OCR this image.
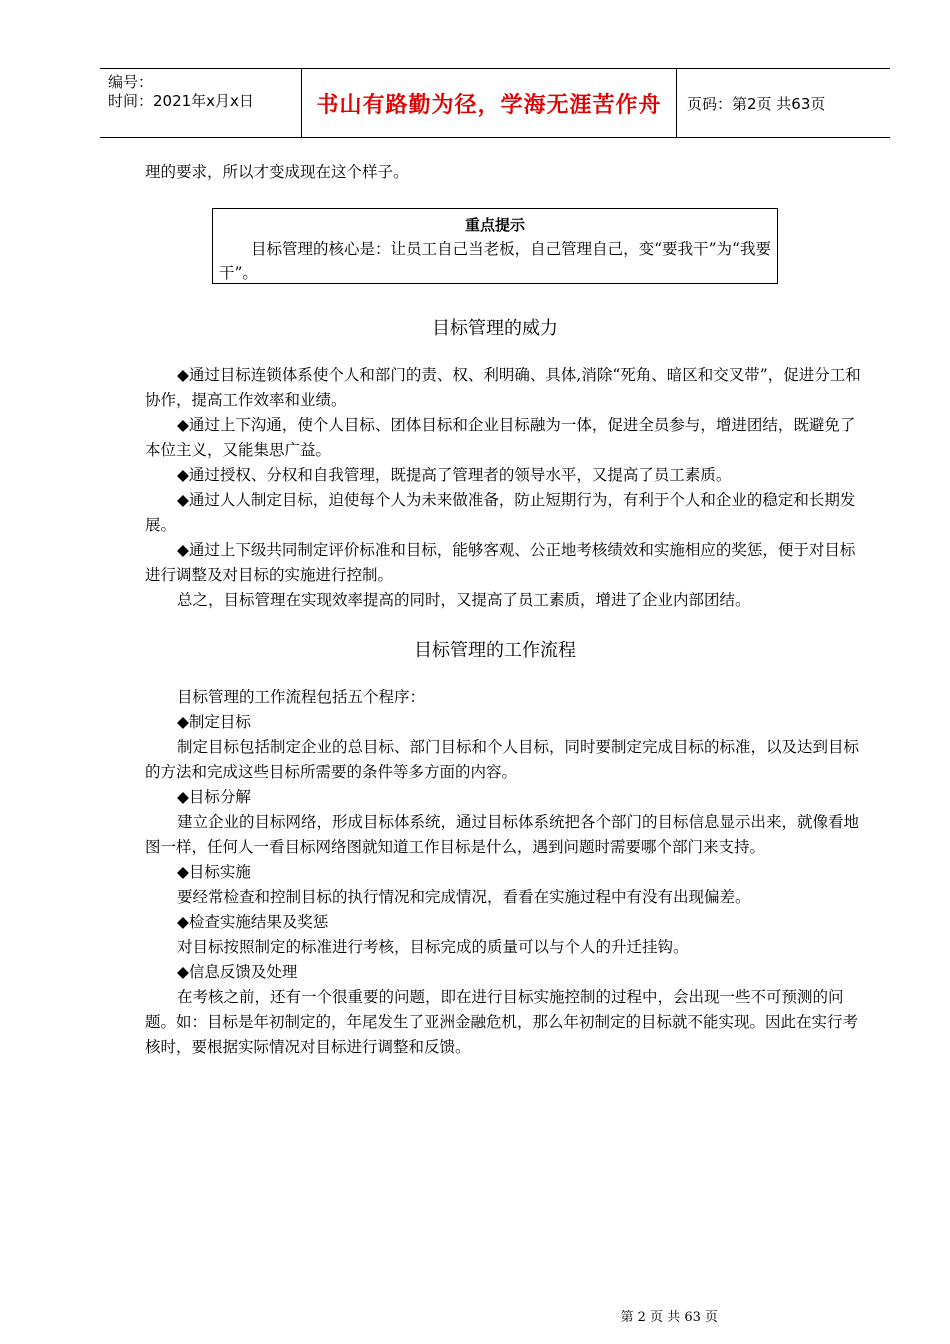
编号：
时间：2021年x月x日	书山有路勤为径，学海无涯苦作舟 页码：第2页 共63页

理的要求，所以才变成现在这个样子。

重点提示
目标管理的核心是：让员工自己当老板，自己管理自己，变“要我干”为“我要干”。
目标管理的威力

◆通过目标连锁体系使个人和部门的责、权、利明确、具体,消除“死角、暗区和交叉带”，促进分工和协作，提高工作效率和业绩。

◆通过上下沟通，使个人目标、团体目标和企业目标融为一体，促进全员参与，增进团结，既避免了本位主义，又能集思广益。

◆通过授权、分权和自我管理，既提高了管理者的领导水平，又提高了员工素质。

◆通过人人制定目标，迫使每个人为未来做准备，防止短期行为，有利于个人和企业的稳定和长期发展。

◆通过上下级共同制定评价标准和目标，能够客观、公正地考核绩效和实施相应的奖惩，便于对目标进行调整及对目标的实施进行控制。

总之，目标管理在实现效率提高的同时，又提高了员工素质，增进了企业内部团结。

目标管理的工作流程

目标管理的工作流程包括五个程序：

◆制定目标

制定目标包括制定企业的总目标、部门目标和个人目标，同时要制定完成目标的标准，以及达到目标的方法和完成这些目标所需要的条件等多方面的内容。

◆目标分解

建立企业的目标网络，形成目标体系统，通过目标体系统把各个部门的目标信息显示出来，就像看地图一样，任何人一看目标网络图就知道工作目标是什么，遇到问题时需要哪个部门来支持。

◆目标实施

要经常检查和控制目标的执行情况和完成情况，看看在实施过程中有没有出现偏差。

◆检查实施结果及奖惩

对目标按照制定的标准进行考核，目标完成的质量可以与个人的升迁挂钩。

◆信息反馈及处理

在考核之前，还有一个很重要的问题，即在进行目标实施控制的过程中，会出现一些不可预测的问题。如：目标是年初制定的，年尾发生了亚洲金融危机，那么年初制定的目标就不能实现。因此在实行考核时，要根据实际情况对目标进行调整和反馈。

第 2 页 共 63 页
